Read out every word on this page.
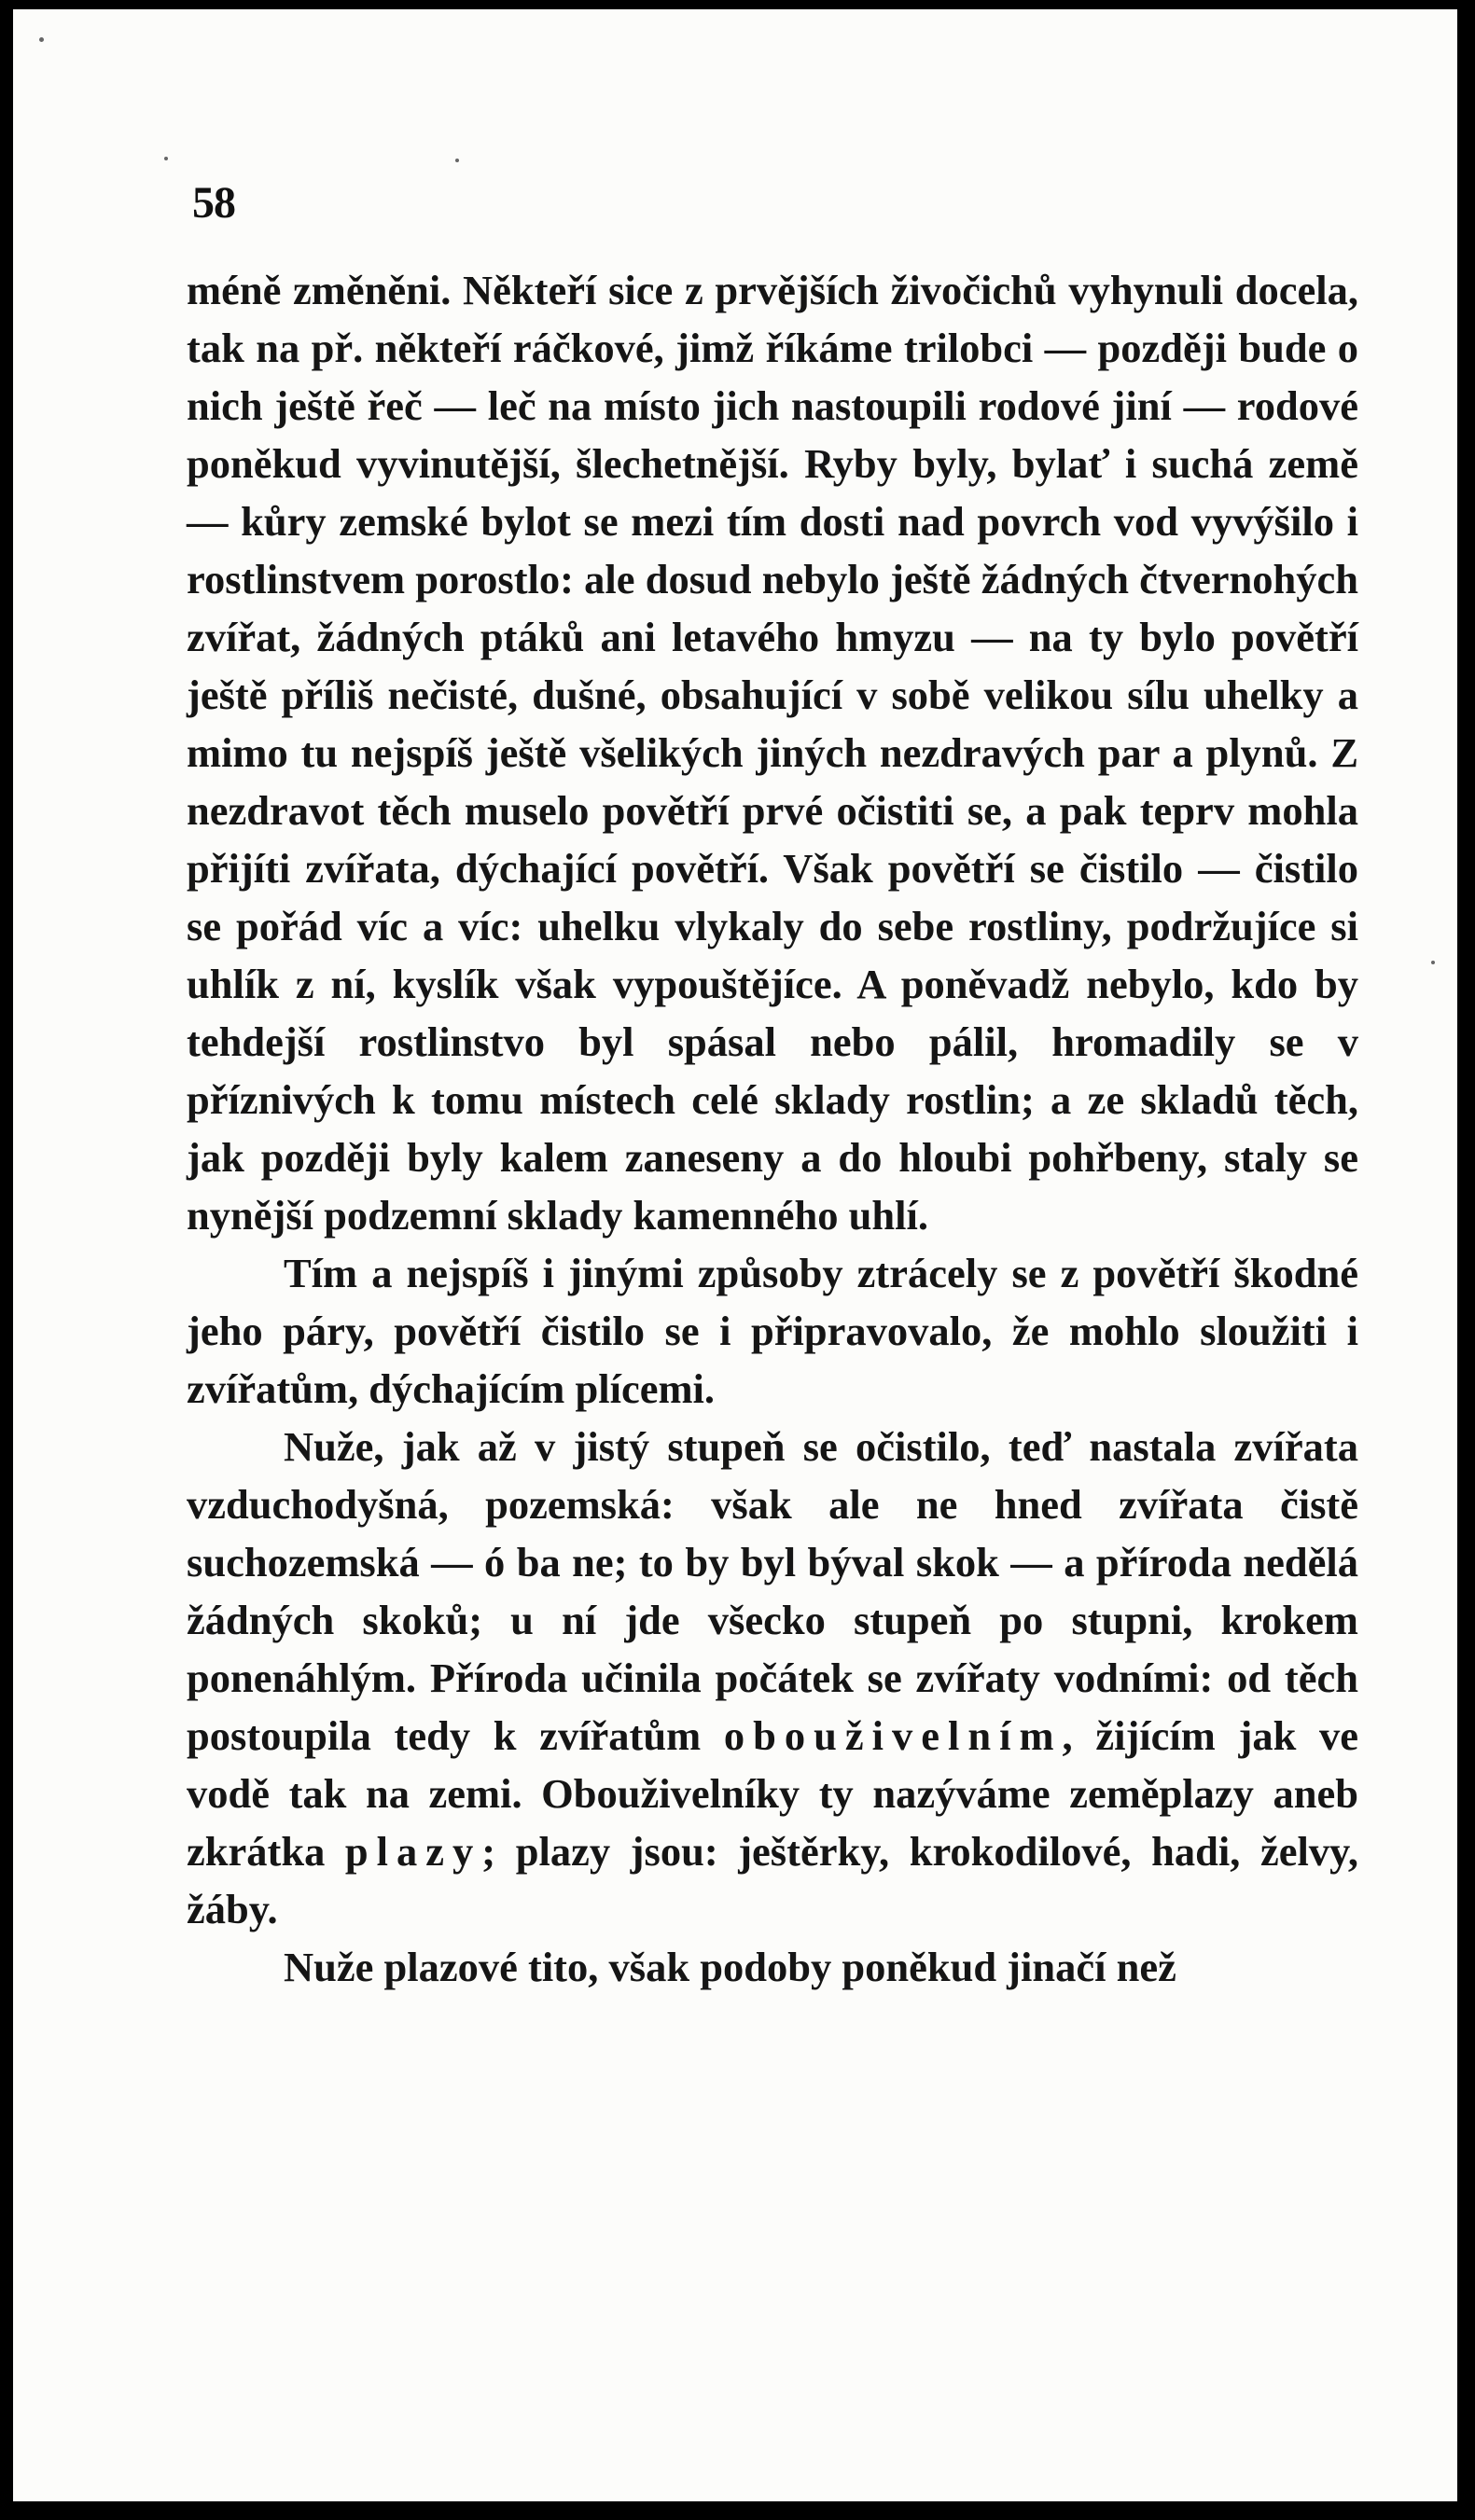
58

méně změněni. Někteří sice z prvějších živočichů vyhynuli docela, tak na př. někteří ráčkové, jimž říkáme trilobci — později bude o nich ještě řeč — leč na místo jich nastoupili rodové jiní — rodové poněkud vyvinutější, šlechetnější. Ryby byly, bylať i suchá země — kůry zemské bylot se mezi tím dosti nad povrch vod vyvýšilo i rostlinstvem porostlo: ale dosud nebylo ještě žádných čtvernohých zvířat, žádných ptáků ani letavého hmyzu — na ty bylo povětří ještě příliš nečisté, dušné, obsahující v sobě velikou sílu uhelky a mimo tu nejspíš ještě všelikých jiných nezdravých par a plynů. Z nezdravot těch muselo povětří prvé očistiti se, a pak teprv mohla přijíti zvířata, dýchající povětří. Však povětří se čistilo — čistilo se pořád víc a víc: uhelku vlykaly do sebe rostliny, podržujíce si uhlík z ní, kyslík však vypouštějíce. A poněvadž nebylo, kdo by tehdejší rostlinstvo byl spásal nebo pálil, hromadily se v příznivých k tomu místech celé sklady rostlin; a ze skladů těch, jak později byly kalem zaneseny a do hloubi pohřbeny, staly se nynější podzemní sklady kamenného uhlí.

Tím a nejspíš i jinými způsoby ztrácely se z povětří škodné jeho páry, povětří čistilo se i připravovalo, že mohlo sloužiti i zvířatům, dýchajícím plícemi.

Nuže, jak až v jistý stupeň se očistilo, teď nastala zvířata vzduchodyšná, pozemská: však ale ne hned zvířata čistě suchozemská — ó ba ne; to by byl býval skok — a příroda nedělá žádných skoků; u ní jde všecko stupeň po stupni, krokem ponenáhlým. Příroda učinila počátek se zvířaty vodními: od těch postoupila tedy k zvířatům obouživelním, žijícím jak ve vodě tak na zemi. Obouživelníky ty nazýváme zeměplazy aneb zkrátka plazy; plazy jsou: ještěrky, krokodilové, hadi, želvy, žáby.

Nuže plazové tito, však podoby poněkud jinačí než
